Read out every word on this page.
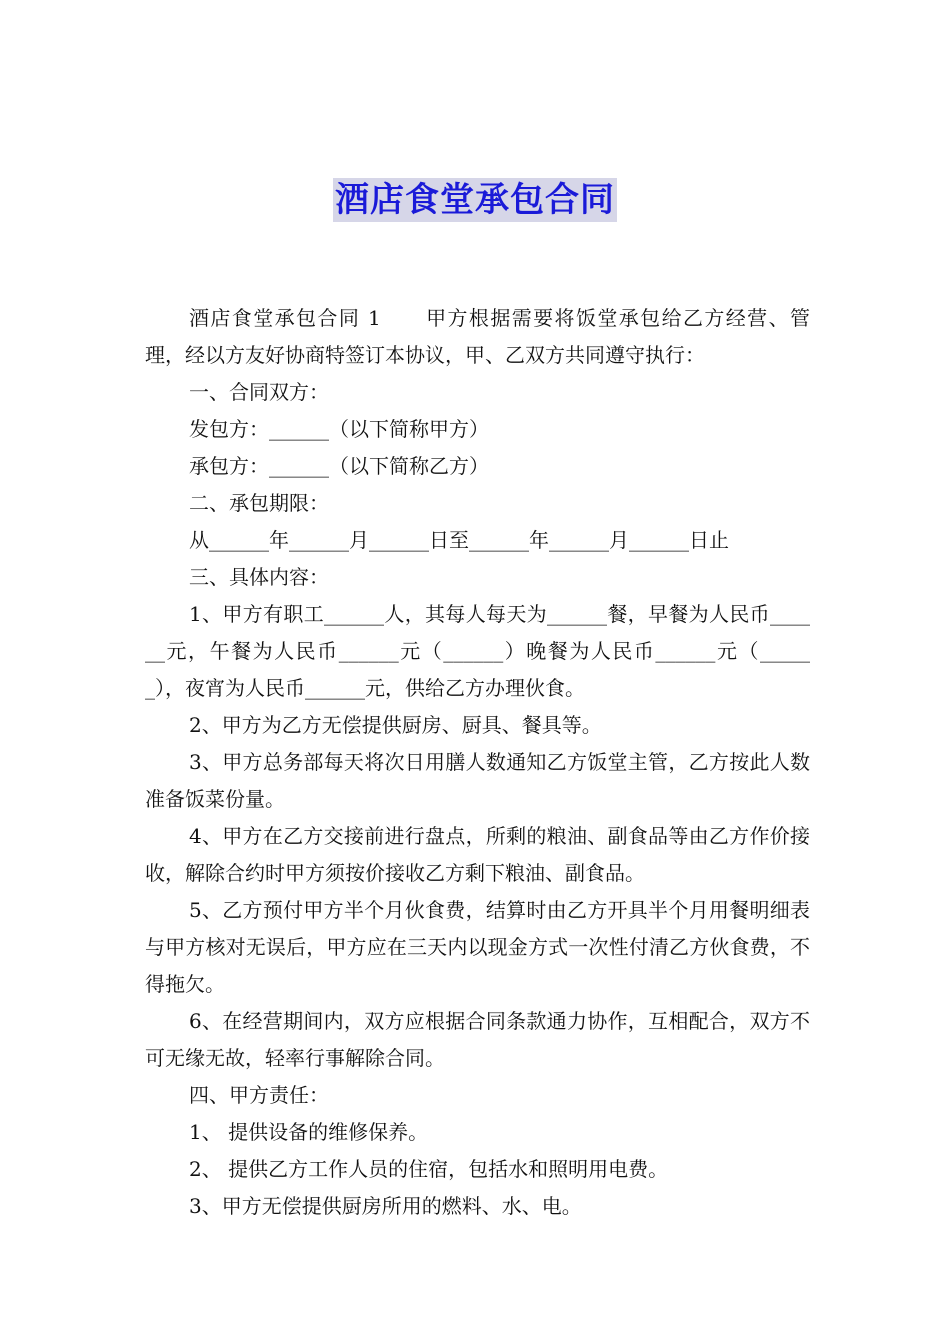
酒店食堂承包合同

酒店食堂承包合同 1 甲方根据需要将饭堂承包给乙方经营、管理，经以方友好协商特签订本协议，甲、乙双方共同遵守执行：

一、合同双方：

发包方：______（以下简称甲方）

承包方：______（以下简称乙方）

二、承包期限：

从______年______月______日至______年______月______日止

三、具体内容：

1、甲方有职工______人，其每人每天为______餐，早餐为人民币______元，午餐为人民币______元（______）晚餐为人民币______元（______），夜宵为人民币______元，供给乙方办理伙食。

2、甲方为乙方无偿提供厨房、厨具、餐具等。

3、甲方总务部每天将次日用膳人数通知乙方饭堂主管，乙方按此人数准备饭菜份量。

4、甲方在乙方交接前进行盘点，所剩的粮油、副食品等由乙方作价接收，解除合约时甲方须按价接收乙方剩下粮油、副食品。

5、乙方预付甲方半个月伙食费，结算时由乙方开具半个月用餐明细表与甲方核对无误后，甲方应在三天内以现金方式一次性付清乙方伙食费，不得拖欠。

6、在经营期间内，双方应根据合同条款通力协作，互相配合，双方不可无缘无故，轻率行事解除合同。

四、甲方责任：

1、 提供设备的维修保养。

2、 提供乙方工作人员的住宿，包括水和照明用电费。

3、甲方无偿提供厨房所用的燃料、水、电。
